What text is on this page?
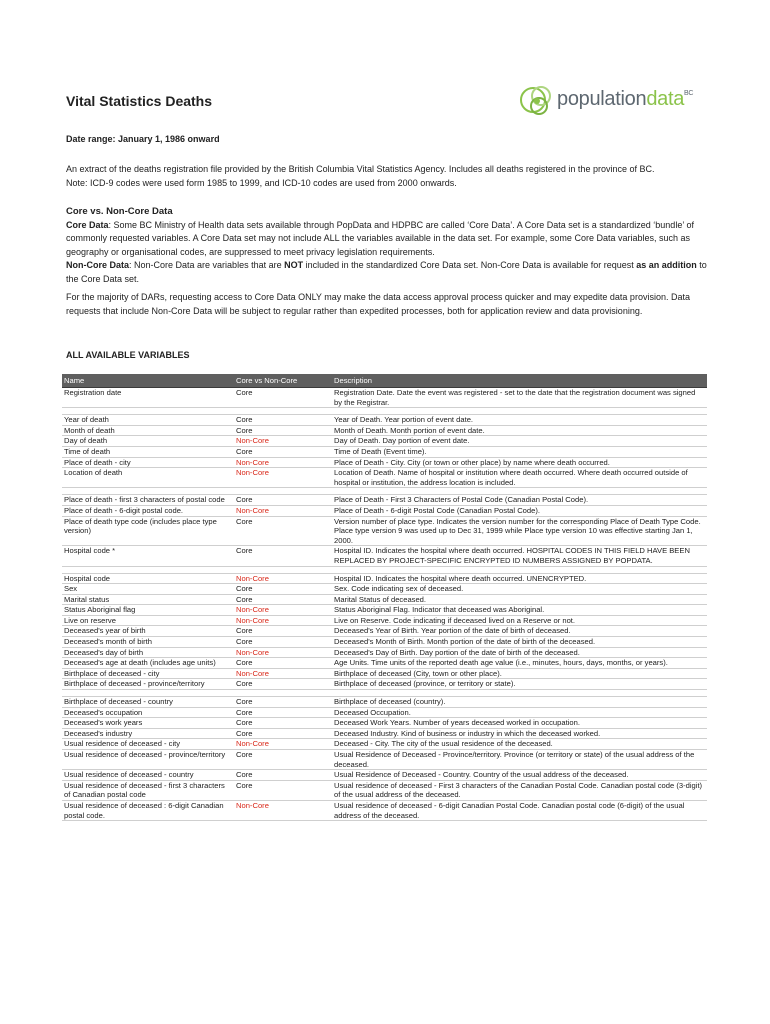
Vital Statistics Deaths	populationdata$^{BC}$
Date range: January 1, 1986 onward
An extract of the deaths registration file provided by the British Columbia Vital Statistics Agency. Includes all deaths registered in the province of BC.
Note: ICD-9 codes were used form 1985 to 1999, and ICD-10 codes are used from 2000 onwards.
Core vs. Non-Core Data
Core Data: Some BC Ministry of Health data sets available through PopData and HDPBC are called ‘Core Data’. A Core Data set is a standardized ‘bundle’ of commonly requested variables. A Core Data set may not include ALL the variables available in the data set. For example, some Core Data variables, such as geography or organisational codes, are suppressed to meet privacy legislation requirements.
Non-Core Data: Non-Core Data are variables that are NOT included in the standardized Core Data set. Non-Core Data is available for request as an addition to the Core Data set.
For the majority of DARs, requesting access to Core Data ONLY may make the data access approval process quicker and may expedite data provision. Data requests that include Non-Core Data will be subject to regular rather than expedited processes, both for application review and data provisioning.
ALL AVAILABLE VARIABLES
Name	Core vs Non-Core	Description
Registration date	Core	Registration Date. Date the event was registered - set to the date that the registration document was signed by the Registrar.

Year of death	Core	Year of Death. Year portion of event date.
Month of death	Core	Month of Death. Month portion of event date.
Day of death	Non-Core	Day of Death. Day portion of event date.
Time of death	Core	Time of Death (Event time).
Place of death - city	Non-Core	Place of Death - City. City (or town or other place) by name where death occurred.
Location of death	Non-Core	Location of Death. Name of hospital or institution where death occurred. Where death occurred outside of hospital or institution, the address location is included.

Place of death - first 3 characters of postal code	Core	Place of Death - First 3 Characters of Postal Code (Canadian Postal Code).
Place of death - 6-digit postal code.	Non-Core	Place of Death - 6-digit Postal Code (Canadian Postal Code).
Place of death type code (includes place type version)	Core	Version number of place type. Indicates the version number for the corresponding Place of Death Type Code. Place type version 9 was used up to Dec 31, 1999 while Place type version 10 was effective starting Jan 1, 2000.
Hospital code *	Core	Hospital ID. Indicates the hospital where death occurred. HOSPITAL CODES IN THIS FIELD HAVE BEEN REPLACED BY PROJECT-SPECIFIC ENCRYPTED ID NUMBERS ASSIGNED BY POPDATA.

Hospital code	Non-Core	Hospital ID. Indicates the hospital where death occurred. UNENCRYPTED.
Sex	Core	Sex. Code indicating sex of deceased.
Marital status	Core	Marital Status of deceased.
Status Aboriginal flag	Non-Core	Status Aboriginal Flag. Indicator that deceased was Aboriginal.
Live on reserve	Non-Core	Live on Reserve. Code indicating if deceased lived on a Reserve or not.
Deceased's year of birth	Core	Deceased's Year of Birth. Year portion of the date of birth of deceased.
Deceased's month of birth	Core	Deceased's Month of Birth. Month portion of the date of birth of the deceased.
Deceased's day of birth	Non-Core	Deceased's Day of Birth. Day portion of the date of birth of the deceased.
Deceased's age at death (includes age units)	Core	Age Units. Time units of the reported death age value (i.e., minutes, hours, days, months, or years).
Birthplace of deceased - city	Non-Core	Birthplace of deceased (City, town or other place).
Birthplace of deceased - province/territory	Core	Birthplace of deceased (province, or territory or state).

Birthplace of deceased - country	Core	Birthplace of deceased (country).
Deceased's occupation	Core	Deceased Occupation.
Deceased's work years	Core	Deceased Work Years. Number of years deceased worked in occupation.
Deceased's industry	Core	Deceased Industry. Kind of business or industry in which the deceased worked.
Usual residence of deceased - city	Non-Core	Deceased - City. The city of the usual residence of the deceased.
Usual residence of deceased - province/territory	Core	Usual Residence of Deceased - Province/territory. Province (or territory or state) of the usual address of the deceased.
Usual residence of deceased - country	Core	Usual Residence of Deceased - Country. Country of the usual address of the deceased.
Usual residence of deceased - first 3 characters of Canadian postal code	Core	Usual residence of deceased - First 3 characters of the Canadian Postal Code. Canadian postal code (3-digit) of the usual address of the deceased.
Usual residence of deceased : 6-digit Canadian postal code.	Non-Core	Usual residence of deceased - 6-digit Canadian Postal Code. Canadian postal code (6-digit) of the usual address of the deceased.
